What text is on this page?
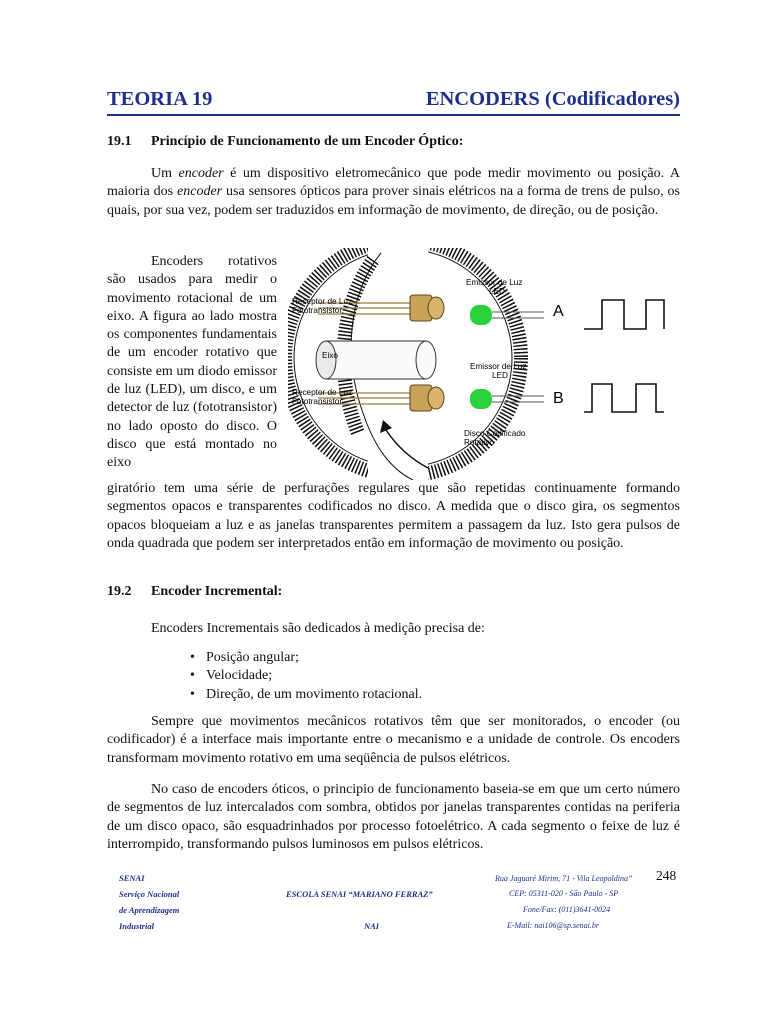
TEORIA 19	ENCODERS (Codificadores)
19.1 Princípio de Funcionamento de um Encoder Óptico:

Um encoder é um dispositivo eletromecânico que pode medir movimento ou posição. A maioria dos encoder usa sensores ópticos para prover sinais elétricos na a forma de trens de pulso, os quais, por sua vez, podem ser traduzidos em informação de movimento, de direção, ou de posição.

Encoders rotativos são usados para medir o movimento rotacional de um eixo. A figura ao lado mostra os componentes fundamentais de um encoder rotativo que consiste em um diodo emissor de luz (LED), um disco, e um detector de luz (fototransistor) no lado oposto do disco. O disco que está montado no eixo

giratório tem uma série de perfurações regulares que são repetidas continuamente formando segmentos opacos e transparentes codificados no disco. A medida que o disco gira, os segmentos opacos bloqueiam a luz e as janelas transparentes permitem a passagem da luz. Isto gera pulsos de onda quadrada que podem ser interpretados então em informação de movimento ou posição.

Receptor de Luz
Fototransistor
Eixo
Receptor de Luz
Fototransistor
Emissor de Luz
LED
Emissor de Luz
LED
Disco Codificado
Rotativo
A
B
19.2 Encoder Incremental:

Encoders Incrementais são dedicados à medição precisa de:

• Posição angular;
• Velocidade;
• Direção, de um movimento rotacional.

Sempre que movimentos mecânicos rotativos têm que ser monitorados, o encoder (ou codificador) é a interface mais importante entre o mecanismo e a unidade de controle. Os encoders transformam movimento rotativo em uma seqüência de pulsos elétricos.

No caso de encoders óticos, o principio de funcionamento baseia-se em que um certo número de segmentos de luz intercalados com sombra, obtidos por janelas transparentes contidas na periferia de um disco opaco, são esquadrinhados por processo fotoelétrico. A cada segmento o feixe de luz é interrompido, transformando pulsos luminosos em pulsos elétricos.

SENAI
Serviço Nacional
de Aprendizagem
Industrial
ESCOLA SENAI “MARIANO FERRAZ”
NAI
Rua Jaguaré Mirim, 71 - Vila Leopoldina”
CEP: 05311-020 - São Paulo - SP
Fone/Fax: (011)3641-0024
E-Mail: nai106@sp.senai.br
248
